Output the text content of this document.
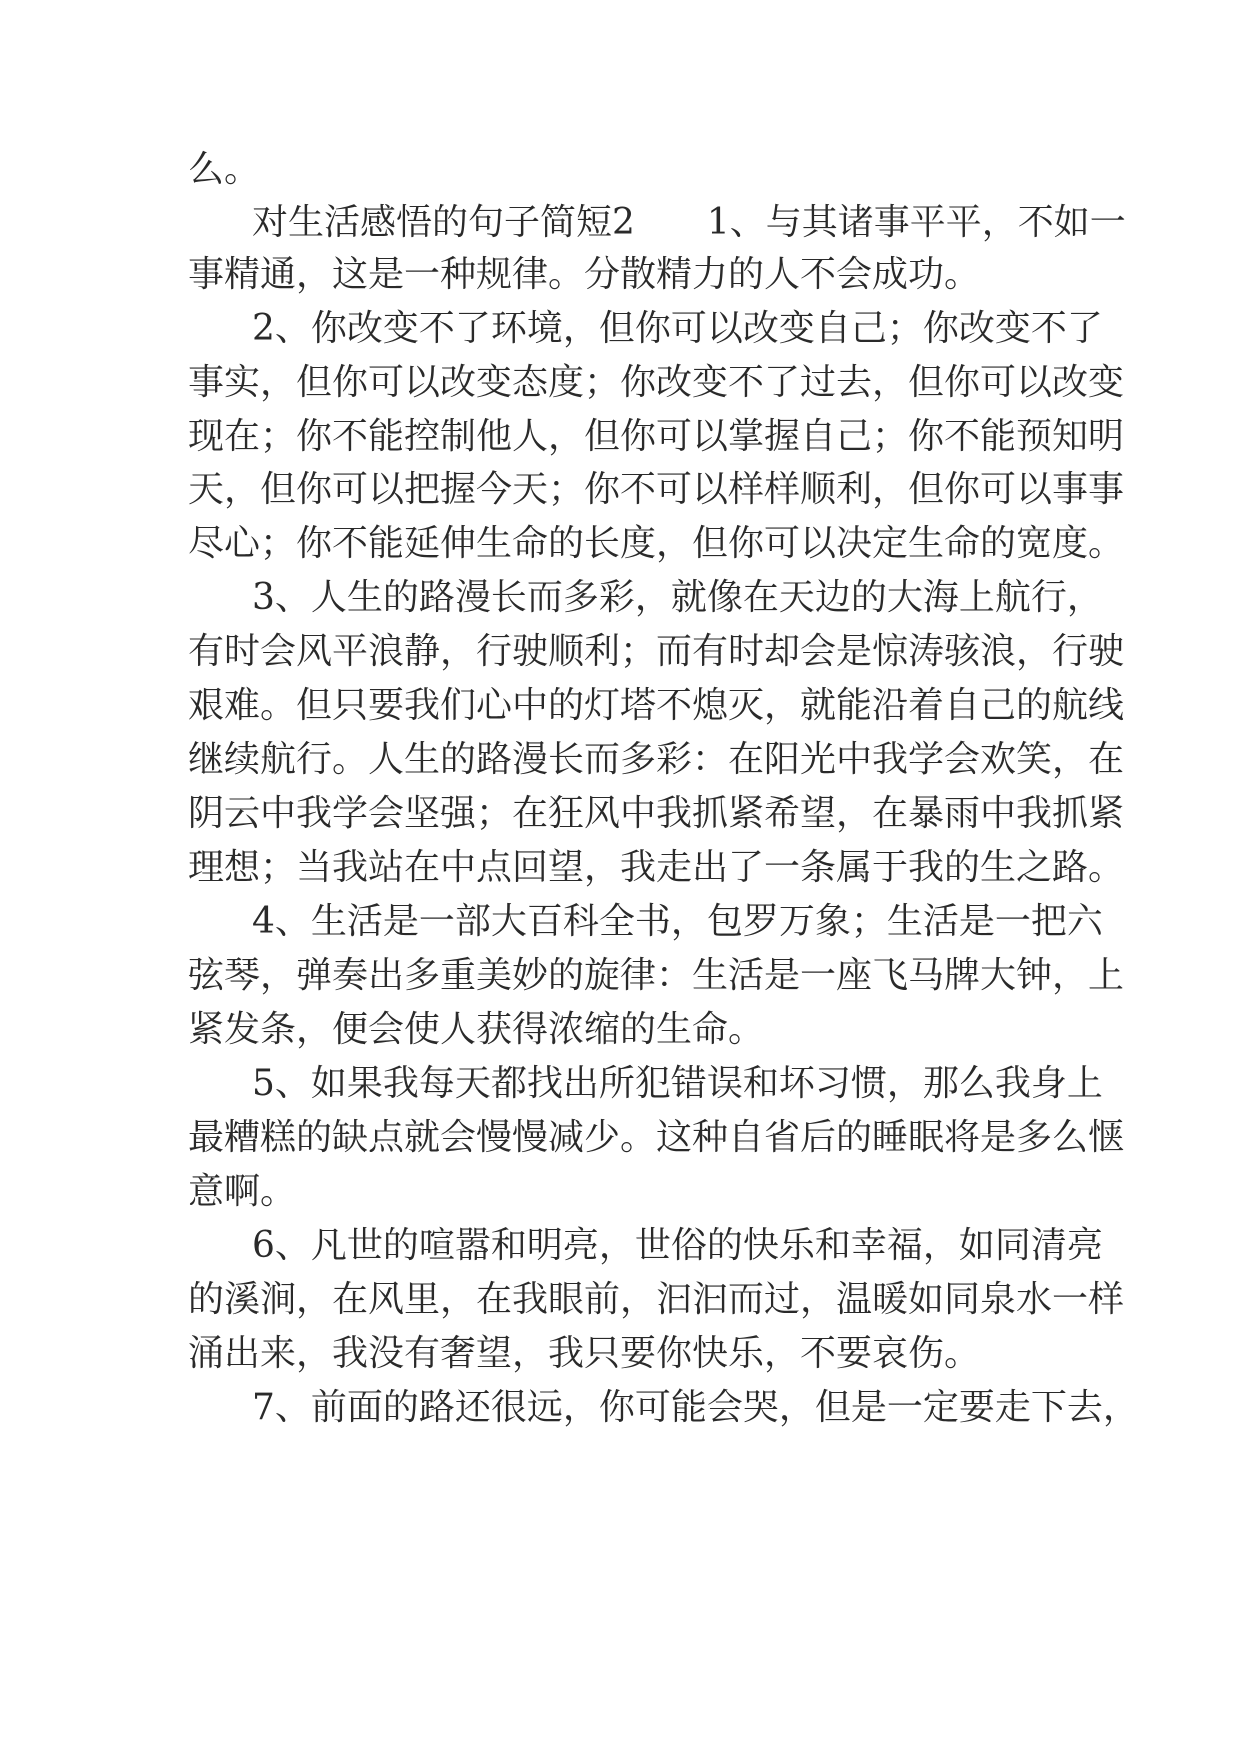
么。

对生活感悟的句子简短2　　1、与其诸事平平，不如一

事精通，这是一种规律。分散精力的人不会成功。

2、你改变不了环境，但你可以改变自己；你改变不了

事实，但你可以改变态度；你改变不了过去，但你可以改变

现在；你不能控制他人，但你可以掌握自己；你不能预知明

天，但你可以把握今天；你不可以样样顺利，但你可以事事

尽心；你不能延伸生命的长度，但你可以决定生命的宽度。

3、人生的路漫长而多彩，就像在天边的大海上航行，

有时会风平浪静，行驶顺利；而有时却会是惊涛骇浪，行驶

艰难。但只要我们心中的灯塔不熄灭，就能沿着自己的航线

继续航行。人生的路漫长而多彩：在阳光中我学会欢笑，在

阴云中我学会坚强；在狂风中我抓紧希望，在暴雨中我抓紧

理想；当我站在中点回望，我走出了一条属于我的生之路。

4、生活是一部大百科全书，包罗万象；生活是一把六

弦琴，弹奏出多重美妙的旋律：生活是一座飞马牌大钟，上

紧发条，便会使人获得浓缩的生命。

5、如果我每天都找出所犯错误和坏习惯，那么我身上

最糟糕的缺点就会慢慢减少。这种自省后的睡眠将是多么惬

意啊。

6、凡世的喧嚣和明亮，世俗的快乐和幸福，如同清亮

的溪涧，在风里，在我眼前，汩汩而过，温暖如同泉水一样

涌出来，我没有奢望，我只要你快乐，不要哀伤。

7、前面的路还很远，你可能会哭，但是一定要走下去，
